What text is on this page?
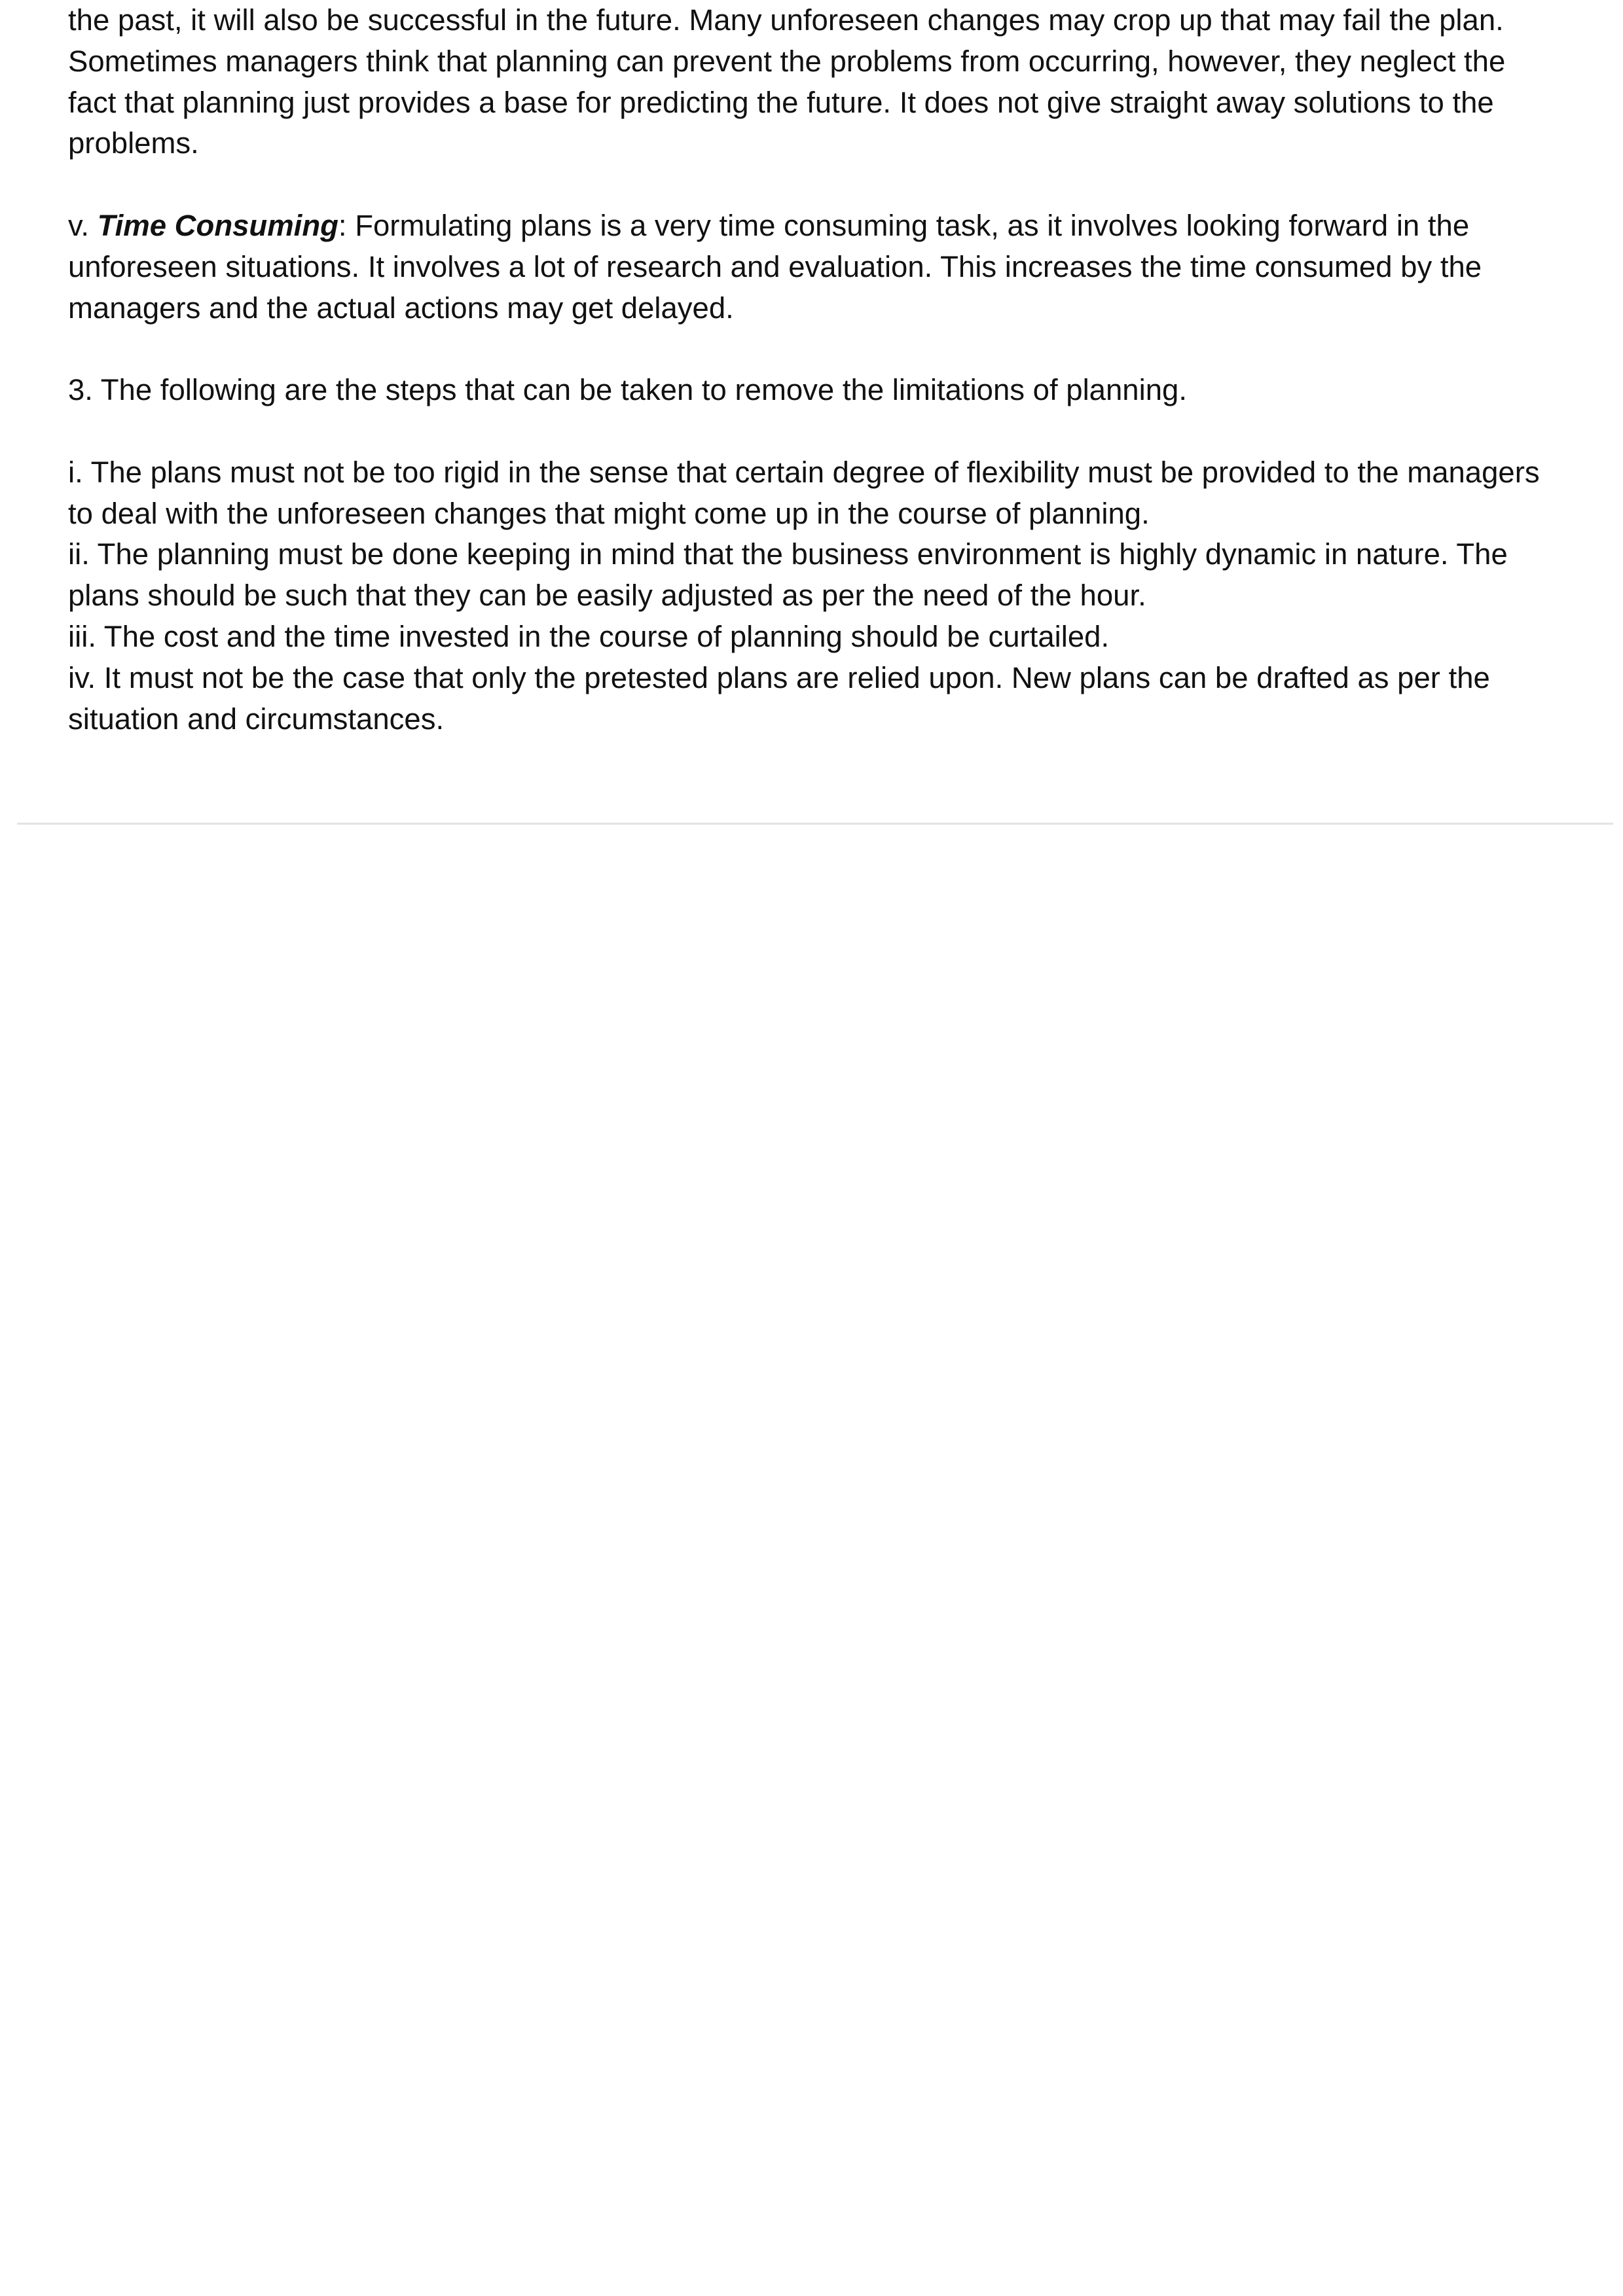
the past, it will also be successful in the future. Many unforeseen changes may crop up that may fail the plan.
Sometimes managers think that planning can prevent the problems from occurring, however, they neglect the
fact that planning just provides a base for predicting the future. It does not give straight away solutions to the
problems.
v. Time Consuming: Formulating plans is a very time consuming task, as it involves looking forward in the
unforeseen situations. It involves a lot of research and evaluation. This increases the time consumed by the
managers and the actual actions may get delayed.
3. The following are the steps that can be taken to remove the limitations of planning.
i. The plans must not be too rigid in the sense that certain degree of flexibility must be provided to the managers
to deal with the unforeseen changes that might come up in the course of planning.
ii. The planning must be done keeping in mind that the business environment is highly dynamic in nature. The
plans should be such that they can be easily adjusted as per the need of the hour.
iii. The cost and the time invested in the course of planning should be curtailed.
iv. It must not be the case that only the pretested plans are relied upon. New plans can be drafted as per the
situation and circumstances.
